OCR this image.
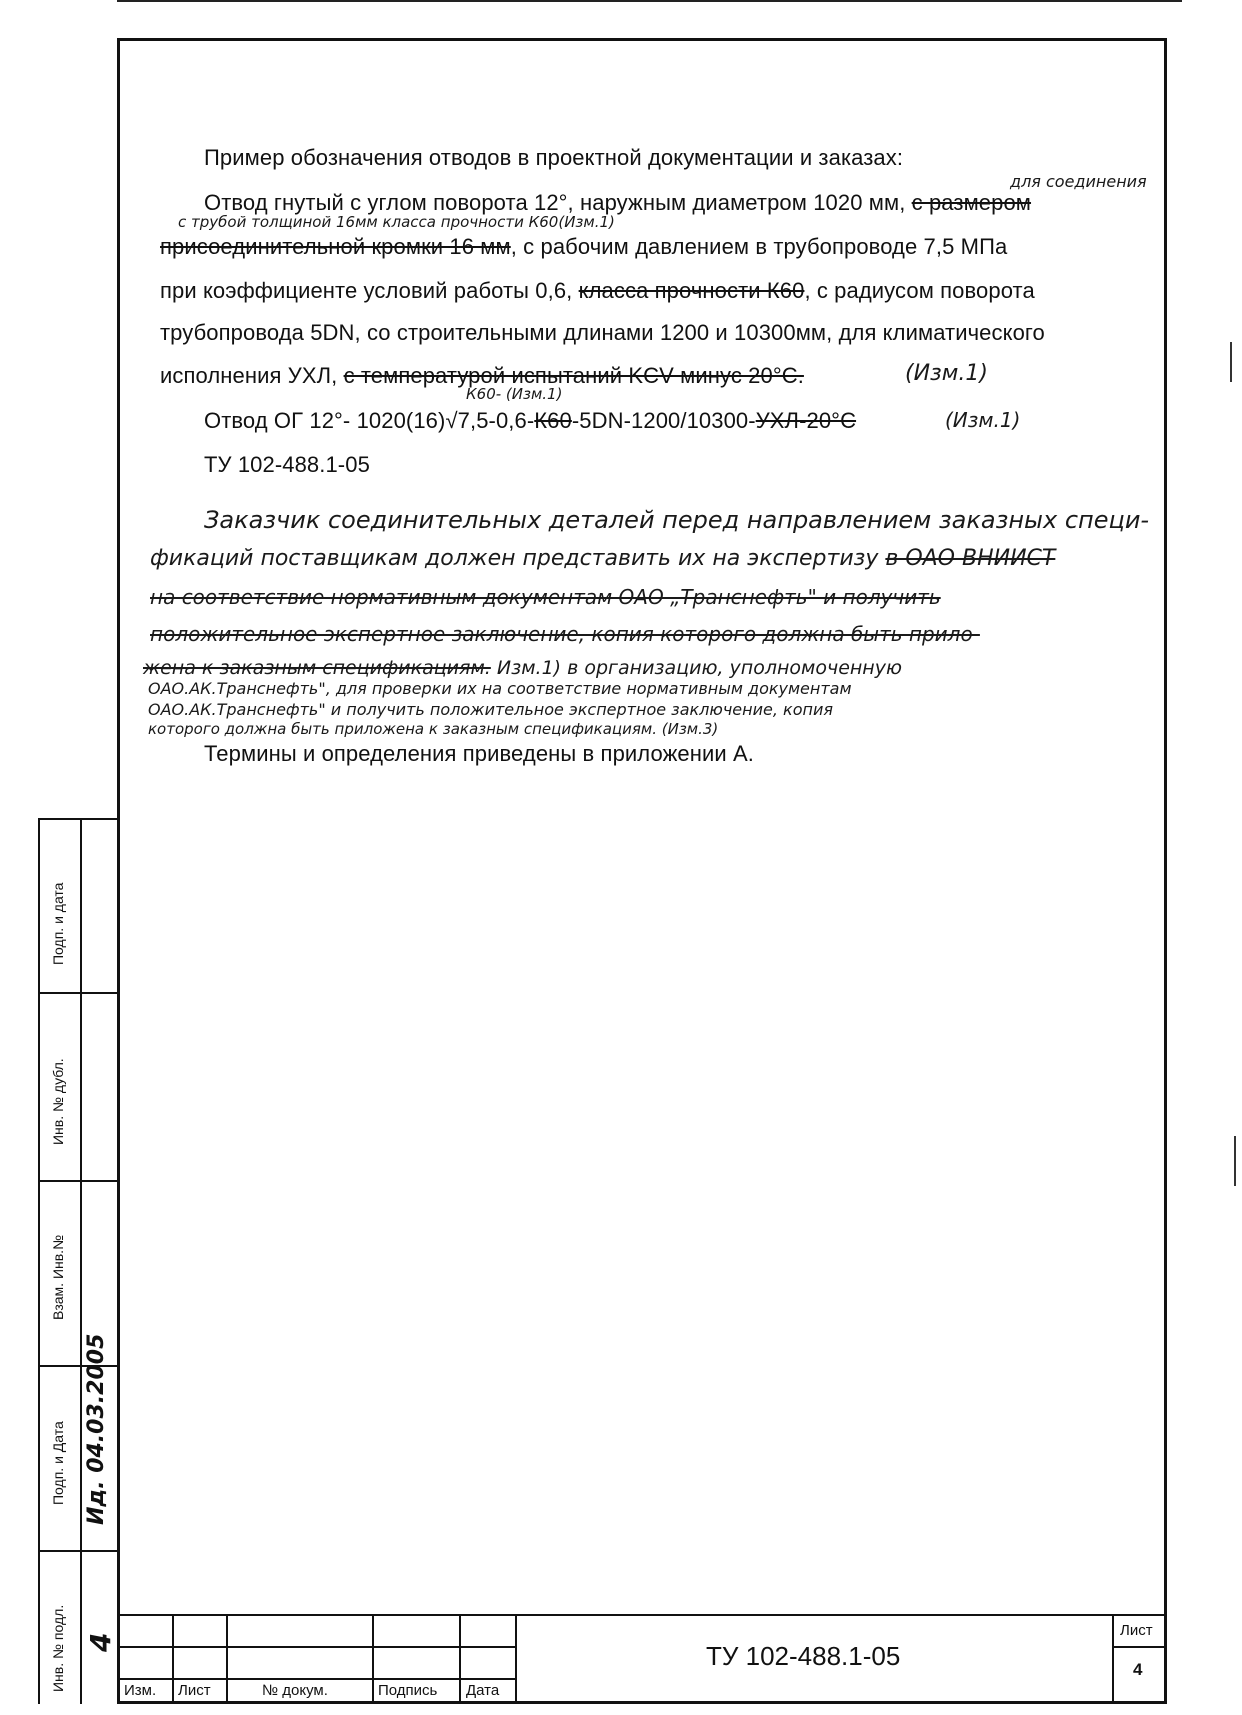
Пример обозначения отводов в проектной документации и заказах:
для соединения
Отвод гнутый с углом поворота 12°, наружным диаметром 1020 мм, с размером
с трубой толщиной 16мм класса прочности К60(Изм.1)
присоединительной кромки 16 мм, с рабочим давлением в трубопроводе 7,5 МПа
при коэффициенте условий работы 0,6, класса прочности К60, с радиусом поворота
трубопровода 5DN, со строительными длинами 1200 и 10300мм, для климатического
исполнения УХЛ, с температурой испытаний KCV минус 20°С.	(Изм.1)
К60- (Изм.1)
Отвод ОГ 12°- 1020(16)√7,5-0,6-К60-5DN-1200/10300-УХЛ-20°С	(Изм.1)
ТУ 102-488.1-05
Заказчик соединительных деталей перед направлением заказных специ-
фикаций поставщикам должен представить их на экспертизу в ОАО ВНИИСТ
на соответствие нормативным документам ОАО „Транснефть" и получить
положительное экспертное заключение, копия которого должна быть прило-
жена к заказным спецификациям. Изм.1) в организацию, уполномоченную
ОАО.АК.Транснефть", для проверки их на соответствие нормативным документам
ОАО.АК.Транснефть" и получить положительное экспертное заключение, копия
которого должна быть приложена к заказным спецификациям. (Изм.3)
Термины и определения приведены в приложении А.
Подп. и дата
Инв. № дубл.
Взам. Инв.№
Подп. и Дата
Инв. № подл.
Ид. 04.03.2005
4
Изм. Лист	№ докум.	Подпись Дата
ТУ 102-488.1-05
Лист
4
